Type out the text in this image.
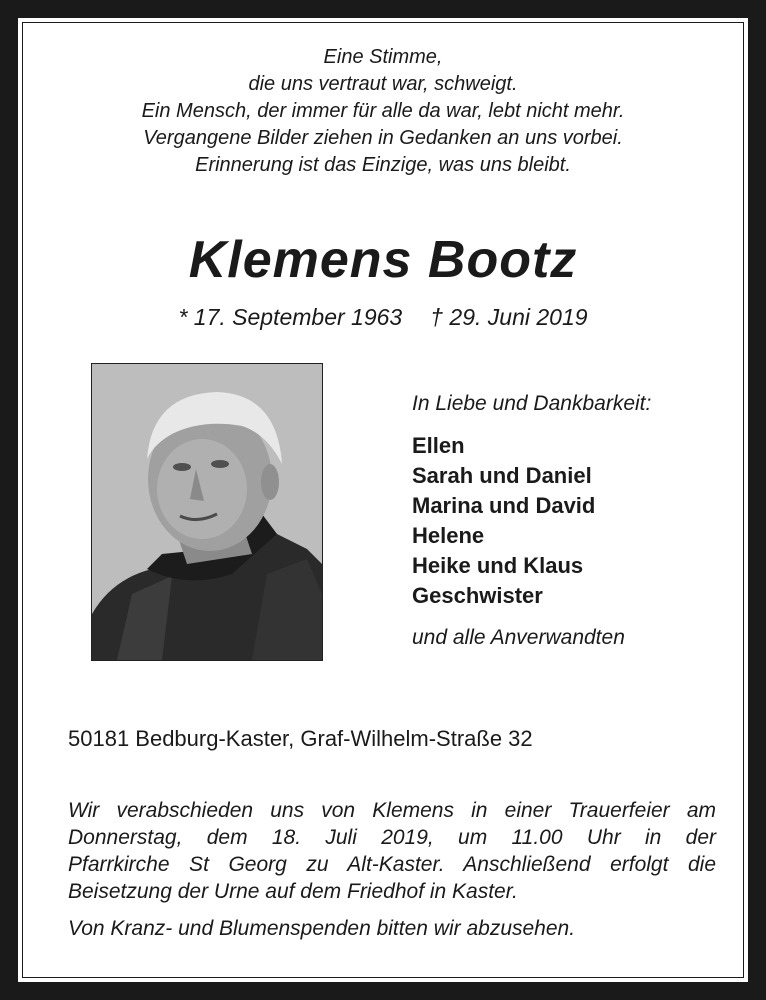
Eine Stimme,
die uns vertraut war, schweigt.
Ein Mensch, der immer für alle da war, lebt nicht mehr.
Vergangene Bilder ziehen in Gedanken an uns vorbei.
Erinnerung ist das Einzige, was uns bleibt.
Klemens Bootz
* 17. September 1963 † 29. Juni 2019
In Liebe und Dankbarkeit:
Ellen
Sarah und Daniel
Marina und David
Helene
Heike und Klaus
Geschwister
und alle Anverwandten
50181 Bedburg-Kaster, Graf-Wilhelm-Straße 32
Wir verabschieden uns von Klemens in einer Trauerfeier am
Donnerstag, dem 18. Juli 2019, um 11.00 Uhr in der
Pfarrkirche St Georg zu Alt-Kaster. Anschließend erfolgt die
Beisetzung der Urne auf dem Friedhof in Kaster.
Von Kranz- und Blumenspenden bitten wir abzusehen.
